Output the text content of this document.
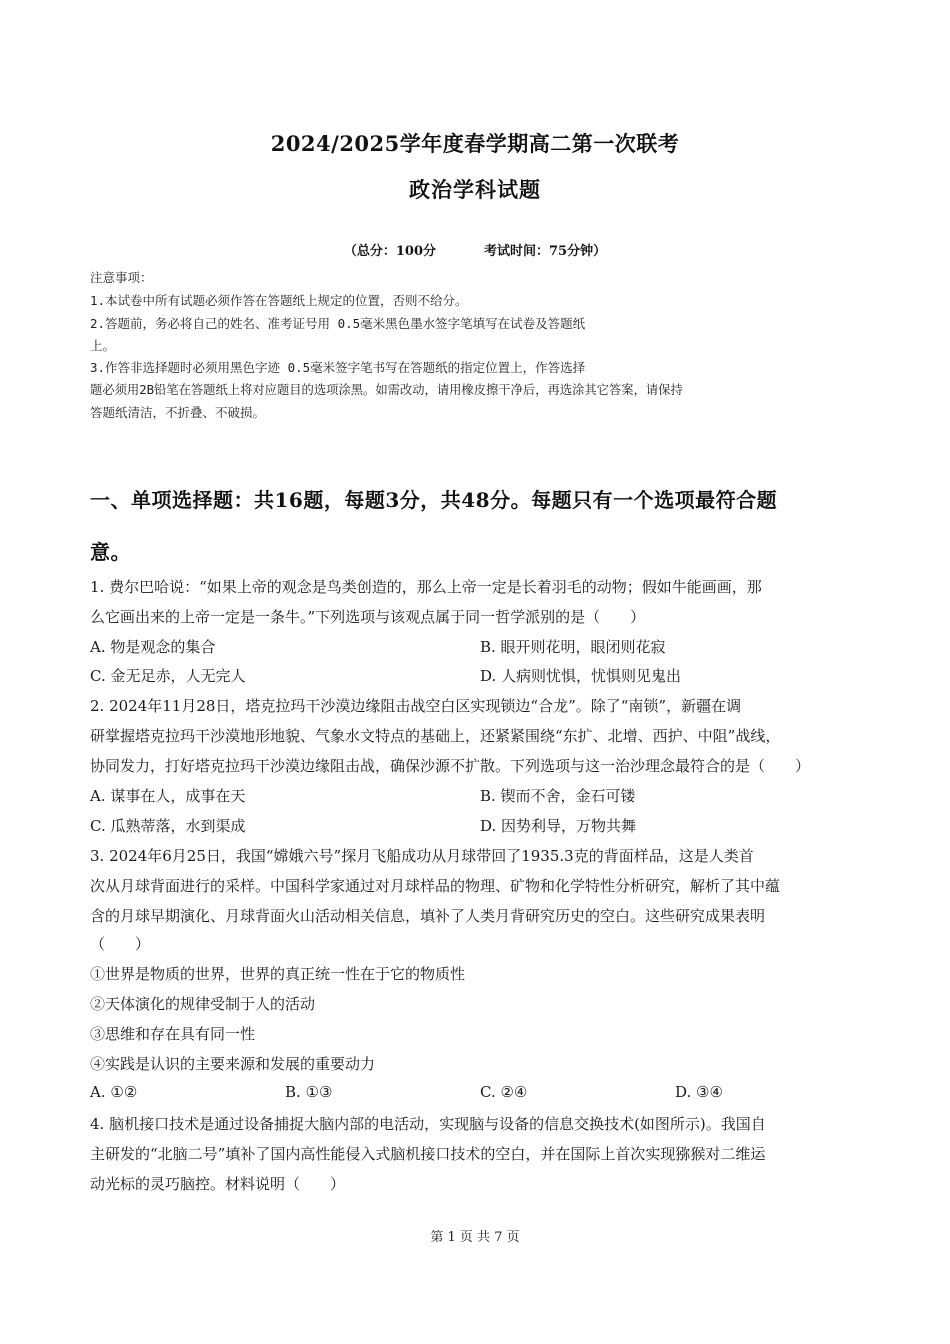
2024/2025学年度春学期高二第一次联考
政治学科试题
（总分：100分	考试时间：75分钟）
注意事项：
1.本试卷中所有试题必须作答在答题纸上规定的位置，否则不给分。
2.答题前，务必将自己的姓名、准考证号用 0.5毫米黑色墨水签字笔填写在试卷及答题纸
上。
3.作答非选择题时必须用黑色字迹 0.5毫米签字笔书写在答题纸的指定位置上，作答选择
题必须用2B铅笔在答题纸上将对应题目的选项涂黑。如需改动，请用橡皮擦干净后，再选涂其它答案，请保持
答题纸清洁，不折叠、不破损。
一、单项选择题：共16题，每题3分，共48分。每题只有一个选项最符合题
意。
1. 费尔巴哈说：“如果上帝的观念是鸟类创造的，那么上帝一定是长着羽毛的动物；假如牛能画画，那
么它画出来的上帝一定是一条牛。”下列选项与该观点属于同一哲学派别的是（　　）
A. 物是观念的集合	B. 眼开则花明，眼闭则花寂
C. 金无足赤，人无完人	D. 人病则忧惧，忧惧则见鬼出
2. 2024年11月28日，塔克拉玛干沙漠边缘阻击战空白区实现锁边“合龙”。除了“南锁”，新疆在调
研掌握塔克拉玛干沙漠地形地貌、气象水文特点的基础上，还紧紧围绕“东扩、北增、西护、中阻”战线，
协同发力，打好塔克拉玛干沙漠边缘阻击战，确保沙源不扩散。下列选项与这一治沙理念最符合的是（　　）
A. 谋事在人，成事在天	B. 锲而不舍，金石可镂
C. 瓜熟蒂落，水到渠成	D. 因势利导，万物共舞
3. 2024年6月25日，我国“嫦娥六号”探月飞船成功从月球带回了1935.3克的背面样品，这是人类首
次从月球背面进行的采样。中国科学家通过对月球样品的物理、矿物和化学特性分析研究，解析了其中蕴
含的月球早期演化、月球背面火山活动相关信息，填补了人类月背研究历史的空白。这些研究成果表明
（　　）
①世界是物质的世界，世界的真正统一性在于它的物质性
②天体演化的规律受制于人的活动
③思维和存在具有同一性
④实践是认识的主要来源和发展的重要动力
A. ①②	B. ①③	C. ②④	D. ③④
4. 脑机接口技术是通过设备捕捉大脑内部的电活动，实现脑与设备的信息交换技术(如图所示)。我国自
主研发的“北脑二号”填补了国内高性能侵入式脑机接口技术的空白，并在国际上首次实现猕猴对二维运
动光标的灵巧脑控。材料说明（　　）
第 1 页 共 7 页
